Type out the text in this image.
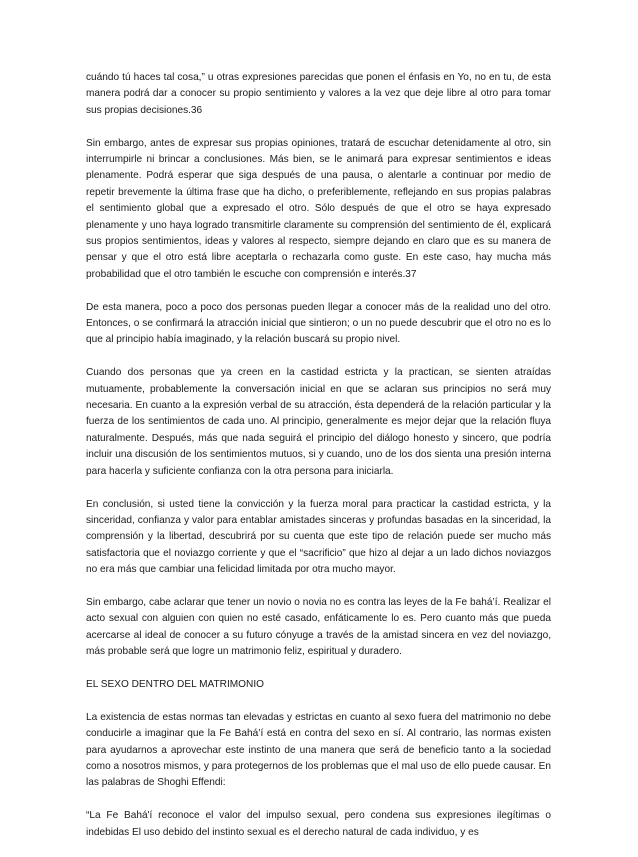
cuándo tú haces tal cosa,” u otras expresiones parecidas que ponen el énfasis en Yo, no en tu, de esta manera podrá dar a conocer su propio sentimiento y valores a la vez que deje libre al otro para tomar sus propias decisiones.36

Sin embargo, antes de expresar sus propias opiniones, tratará de escuchar detenidamente al otro, sin interrumpirle ni brincar a conclusiones. Más bien, se le animará para expresar sentimientos e ideas plenamente. Podrá esperar que siga después de una pausa, o alentarle a continuar por medio de repetir brevemente la última frase que ha dicho, o preferiblemente, reflejando en sus propias palabras el sentimiento global que a expresado el otro. Sólo después de que el otro se haya expresado plenamente y uno haya logrado transmitirle claramente su comprensión del sentimiento de él, explicará sus propios sentimientos, ideas y valores al respecto, siempre dejando en claro que es su manera de pensar y que el otro está libre aceptarla o rechazarla como guste. En este caso, hay mucha más probabilidad que el otro también le escuche con comprensión e interés.37

De esta manera, poco a poco dos personas pueden llegar a conocer más de la realidad uno del otro. Entonces, o se confirmará la atracción inicial que sintieron; o un no puede descubrir que el otro no es lo que al principio había imaginado, y la relación buscará su propio nivel.

Cuando dos personas que ya creen en la castidad estricta y la practican, se sienten atraídas mutuamente, probablemente la conversación inicial en que se aclaran sus principios no será muy necesaria. En cuanto a la expresión verbal de su atracción, ésta dependerá de la relación particular y la fuerza de los sentimientos de cada uno. Al principio, generalmente es mejor dejar que la relación fluya naturalmente. Después, más que nada seguirá el principio del diálogo honesto y sincero, que podría incluir una discusión de los sentimientos mutuos, si y cuando, uno de los dos sienta una presión interna para hacerla y suficiente confianza con la otra persona para iniciarla.

En conclusión, si usted tiene la convicción y la fuerza moral para practicar la castidad estricta, y la sinceridad, confianza y valor para entablar amistades sinceras y profundas basadas en la sinceridad, la comprensión y la libertad, descubrirá por su cuenta que este tipo de relación puede ser mucho más satisfactoria que el noviazgo corriente y que el “sacrificio” que hizo al dejar a un lado dichos noviazgos no era más que cambiar una felicidad limitada por otra mucho mayor.

Sin embargo, cabe aclarar que tener un novio o novia no es contra las leyes de la Fe bahá’í. Realizar el acto sexual con alguien con quien no esté casado, enfáticamente lo es. Pero cuanto más que pueda acercarse al ideal de conocer a su futuro cónyuge a través de la amistad sincera en vez del noviazgo, más probable será que logre un matrimonio feliz, espiritual y duradero.

EL SEXO DENTRO DEL MATRIMONIO

La existencia de estas normas tan elevadas y estrictas en cuanto al sexo fuera del matrimonio no debe conducirle a imaginar que la Fe Bahá’í está en contra del sexo en sí. Al contrario, las normas existen para ayudarnos a aprovechar este instinto de una manera que será de beneficio tanto a la sociedad como a nosotros mismos, y para protegernos de los problemas que el mal uso de ello puede causar. En las palabras de Shoghi Effendi:

“La Fe Bahá'í reconoce el valor del impulso sexual, pero condena sus expresiones ilegítimas o indebidas El uso debido del instinto sexual es el derecho natural de cada individuo, y es
